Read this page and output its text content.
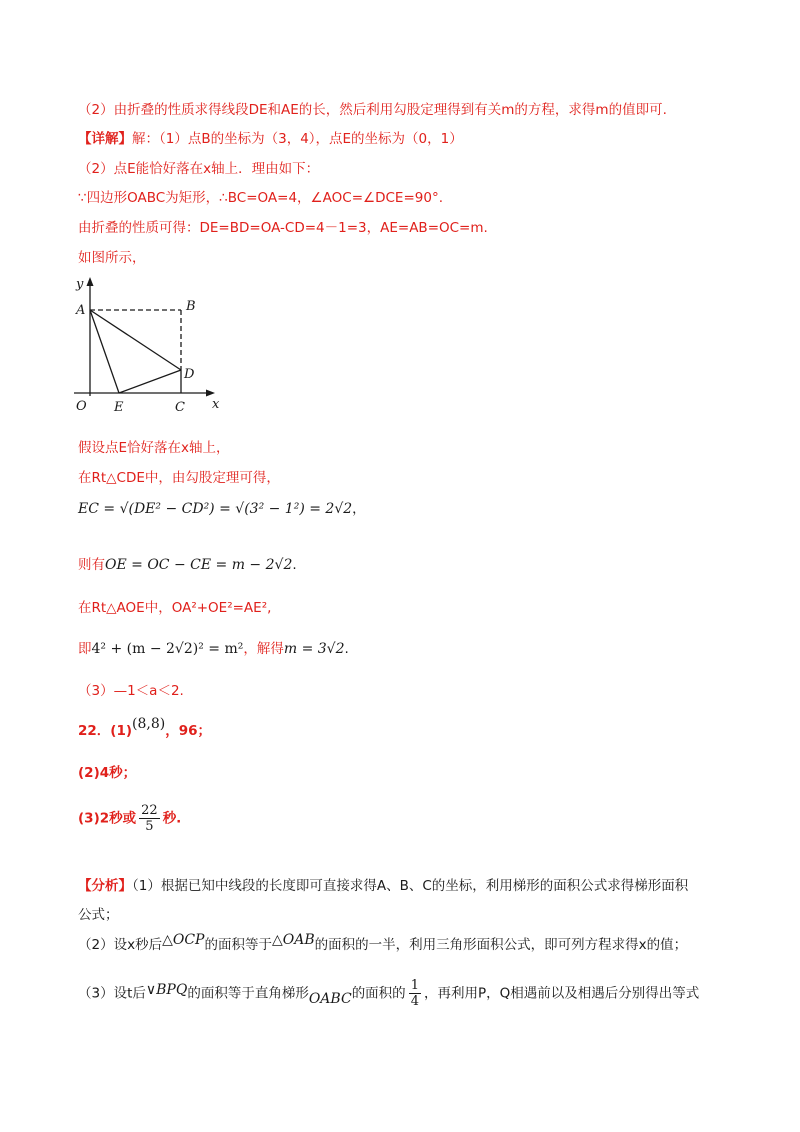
（2）由折叠的性质求得线段DE和AE的长，然后利用勾股定理得到有关m的方程，求得m的值即可.
【详解】解：（1）点B的坐标为（3，4），点E的坐标为（0，1）
（2）点E能恰好落在x轴上．理由如下：
∵四边形OABC为矩形，∴BC=OA=4，∠AOC=∠DCE=90°.
由折叠的性质可得：DE=BD=OA-CD=4－1=3，AE=AB=OC=m.
如图所示，
y
x
A	B
D
O E	C
假设点E恰好落在x轴上，
在Rt△CDE中，由勾股定理可得，
EC = √(DE² − CD²) = √(3² − 1²) = 2√2，
则有OE = OC − CE = m − 2√2.
在Rt△AOE中，OA²+OE²=AE²,
即4² + (m − 2√2)² = m²，解得m = 3√2.
（3）—1＜a＜2.
22．(1)(8,8)，96；
(2)4秒；
(3)2秒或 $\frac{22}{5}$ 秒.
【分析】（1）根据已知中线段的长度即可直接求得A、B、C的坐标，利用梯形的面积公式求得梯形面积
公式；
（2）设x秒后△OCP的面积等于△OAB的面积的一半，利用三角形面积公式，即可列方程求得x的值；
（3）设t后∨BPQ的面积等于直角梯形OABC的面积的 $\frac{1}{4}$ ，再利用P，Q相遇前以及相遇后分别得出等式
